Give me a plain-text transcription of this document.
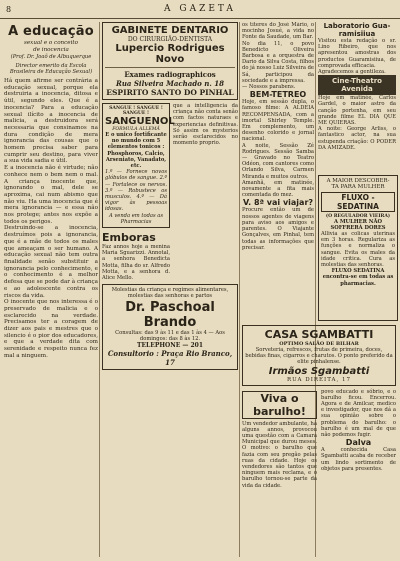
8	A GAZETA
A educação
sexual e o conceito
de inocencia
(Prof. Dr. Joaõ de Albuquerque
Director emerito da Escola Brasileira de Educação Sexual)

Há quem afirme ser contrária a educação sexual, porque ela destruiria a inocencia, ditosa e útil, segundo eles. Que é a inocencia? Para a educação sexual ilícito a inocencia de malicia, a destruidora será necessaria que consinamos na dura condição de mera ignorancia das cousas que o homem precisa saber para cumprir seu destino, para viver a sua vida sadia e útil.

E a inocencia não é virtude; não conhece nem o bem nem o mal. A criança inocente que, ignorando o mal, dele se aproxima, cai num abismo que não viu. Ha uma inocencia que é mera ignorancia — e essa não nos protege; antes nos expõe a todos os perigos.

Destruindo-se a inocencia, destruímos pois a ignorancia, que é a mãe de todos os males que ameaçam o ser humano. A educação sexual não tem outra finalidade senão substituir a ignorancia pelo conhecimento, e o conhecimento é a melhor defesa que se pode dar à criança e ao adolescente contra os riscos da vida.

O inocente que nos interessa é o preservado de malicia e o esclarecido na verdade. Precisamos ter a coragem de dizer aos pais e mestres que o silencio é o pior dos educadores, e que a verdade dita com serenidade e respeito nunca fez mal a ninguem.

GABINETE DENTARIO
DO CIRURGIÃO-DENTISTA
Lupercio Rodrigues Novo
Exames radiographicos
Rua Silveira Machado n. 18
ESPIRITO SANTO DO PINHAL
SANGUE ! SANGUE ! SANGUE !
SANGUENOL
FORMULA ALLEMÃ

E o unico fortificante no mundo com 5 elementos tonicos : Phosphoros, Calcio, Arseniato, Vanadato, etc.

1.º — Fornece novos glóbulos de sangue. 2.º — Fortalece os nervos. 3.º — Robustece os musculos. 4.º — Dá vigor às pessoas idosas.

A venda em todas as Pharmacias

Emboras

Faz annos hoje a menina Maria Sguarizzi. Annotal, a senhora Benedicta Motta, filha do sr. Alfredo Motta, e a senhora d. Alice Mello.

que a intelligencia da criança não conta senão com factos naturaes e experiencias definitivas. Só assim os mysterios serão esclarecidos no momento proprio.

Molestias da criança e regimes alimentares, molestias das senhoras e partos

Dr. Paschoal Brando

Consultas: das 9 às 11 e das 1 às 4 — Aos domingos: das 8 às 12.

TELEPHONE — 201
Consultorio : Praça Rio Branco, 17

os títeres do José Mário, o mocinho Josué, a vida no Fonte da Saudade, um Bar.

No dia 11, o povo Benedicto Oliveira Barbosa e a orquestra de Dario da Silva Costa, filhos do já nosso Luiz Silveira de Sá, participou da sociedade e a impressa.

— Nossos parabens.

BEM-TETREO

Hoje, em sessão dupla, o famoso filme: A ALDEIA RECOMPENSADA, com a imortal Shirley Temple. Em complemento, um desenho colorido e jornal nacional.

A noite, Sessão Zé Rodrigues. Sessão Samba — Gravado no Teatro Odéon, com cantores como Orlando Silva, Carmen Miranda e muitos outros.

Amanhã, em matinée, novamente a fita mais comentada do mez.

V. 8ª vai viajar?

Procure então um de nossos agentes de viagens para aviso aos amigos e parentes. O Viajante Gonçalves, em Pinhal, tem todas as informações que precisar.

Laboratorio Gua- ramisiiua

Visitou esta redação o sr. Lino Ribeiro, que nos apresentou amostras dos productos Guaramisiiua, de comprovada efficacia.

Agradecemos a gentileza.

Cine-Theatro Avenida

Hoje em matinée, Carlos Gardel, o maior astro da canção portenha, em seu grande filme EL DIA QUE ME QUIERAS.

A noite: George Arliss, o fantastico actor, na sua estupenda criação: O PODER DA AMIZADE.

CASA SGAMBATTI
OPTIMO SALÃO DE BILHAR

Sorveteria, refrescos, frutas de primeira, doces, bebidas finas, cigarros e charutos. O ponto preferido da elite pinhalense.

Irmãos Sgambatti
RUA DIREITA, 17
Viva o barulho!

Um vendedor ambulante, há alguns annos, provocou uma questão com a Camara Municipal que durou meses. O motivo: o barulho que fazia com seu pregão pelas ruas da cidade. Hoje os vendedores são tantos que ninguem mais reclama, e o barulho tornou-se parte da vida da cidade.

povo educado e sóbrio, e o barulho ficou. Encerrou. Agora e de Amilcar, medico e investigador, que nos dá a sua opinião sobre o problema do barulho: o barulho é um mal de que não podemos fugir.

Dalva

A conhecida Casa Sgambatti acaba de receber um lindo sortimento de objetos para presentes.

A MAIOR DESCOBER-
TA PARA MULHER
FLUXO - SEDATINA
(O REGULADOR VIEIRA)
A MULHER NÃO SOFFRERÁ DORES

Allivia as colicas uterinas em 3 horas. Regulariza as funções e normaliza o sangue. Evita os males da idade critica. Cura as molestias das senhoras.

FLUXO SEDATINA encontra-se em todas as pharmacias.
